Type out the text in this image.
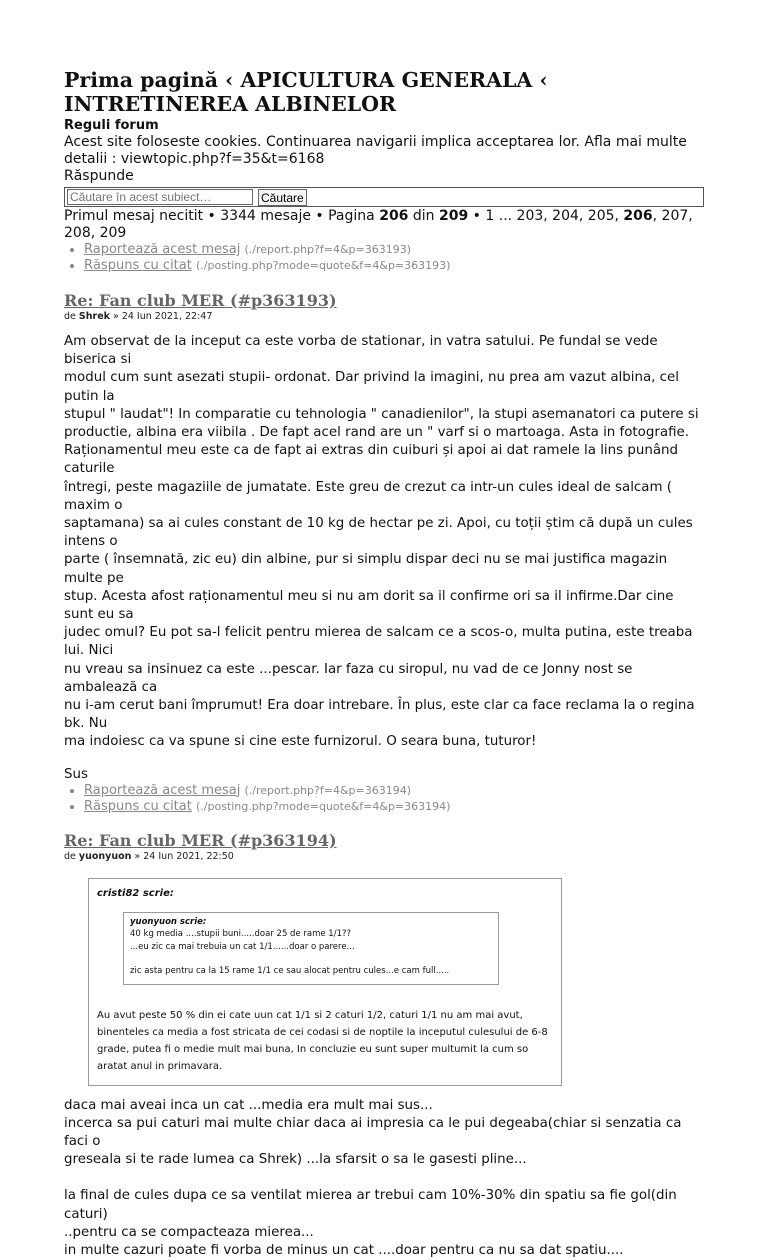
Prima pagină ‹ APICULTURA GENERALA ‹ INTRETINEREA ALBINELOR
Reguli forum
Acest site foloseste cookies. Continuarea navigarii implica acceptarea lor. Afla mai multe detalii : viewtopic.php?f=35&t=6168
Răspunde
Căutare în acest subiect…
Căutare
Primul mesaj necitit • 3344 mesaje • Pagina 206 din 209 • 1 ... 203, 204, 205, 206, 207, 208, 209
• Raportează acest mesaj (./report.php?f=4&p=363193)
• Răspuns cu citat (./posting.php?mode=quote&f=4&p=363193)
Re: Fan club MER (#p363193)
de Shrek » 24 Iun 2021, 22:47
Am observat de la inceput ca este vorba de stationar, in vatra satului. Pe fundal se vede biserica si
modul cum sunt asezati stupii- ordonat. Dar privind la imagini, nu prea am vazut albina, cel putin la
stupul " laudat"! In comparatie cu tehnologia " canadienilor", la stupi asemanatori ca putere si
productie, albina era viibila . De fapt acel rand are un " varf si o martoaga. Asta in fotografie.
Raționamentul meu este ca de fapt ai extras din cuiburi și apoi ai dat ramele la lins punând caturile
întregi, peste magaziile de jumatate. Este greu de crezut ca intr-un cules ideal de salcam ( maxim o
saptamana) sa ai cules constant de 10 kg de hectar pe zi. Apoi, cu toții știm că după un cules intens o
parte ( însemnată, zic eu) din albine, pur si simplu dispar deci nu se mai justifica magazin multe pe
stup. Acesta afost raționamentul meu si nu am dorit sa il confirme ori sa il infirme.Dar cine sunt eu sa
judec omul? Eu pot sa-l felicit pentru mierea de salcam ce a scos-o, multa putina, este treaba lui. Nici
nu vreau sa insinuez ca este ...pescar. Iar faza cu siropul, nu vad de ce Jonny nost se ambalează ca
nu i-am cerut bani împrumut! Era doar intrebare. În plus, este clar ca face reclama la o regina bk. Nu
ma indoiesc ca va spune si cine este furnizorul. O seara buna, tuturor!
Sus
• Raportează acest mesaj (./report.php?f=4&p=363194)
• Răspuns cu citat (./posting.php?mode=quote&f=4&p=363194)
Re: Fan club MER (#p363194)
de yuonyuon » 24 Iun 2021, 22:50
cristi82 scrie:
yuonyuon scrie:
40 kg media ....stupii buni.....doar 25 de rame 1/1??
...eu zic ca mai trebuia un cat 1/1......doar o parere...
zic asta pentru ca la 15 rame 1/1 ce sau alocat pentru cules...e cam full.....
Au avut peste 50 % din ei cate uun cat 1/1 si 2 caturi 1/2, caturi 1/1 nu am mai avut,
binenteles ca media a fost stricata de cei codasi si de noptile la inceputul culesului de 6-8
grade, putea fi o medie mult mai buna, In concluzie eu sunt super multumit la cum so
aratat anul in primavara.
daca mai aveai inca un cat ...media era mult mai sus...
incerca sa pui caturi mai multe chiar daca ai impresia ca le pui degeaba(chiar si senzatia ca faci o
greseala si te rade lumea ca Shrek) ...la sfarsit o sa le gasesti pline...
la final de cules dupa ce sa ventilat mierea ar trebui cam 10%-30% din spatiu sa fie gol(din caturi)
..pentru ca se compacteaza mierea...
in multe cazuri poate fi vorba de minus un cat ....doar pentru ca nu sa dat spatiu....
